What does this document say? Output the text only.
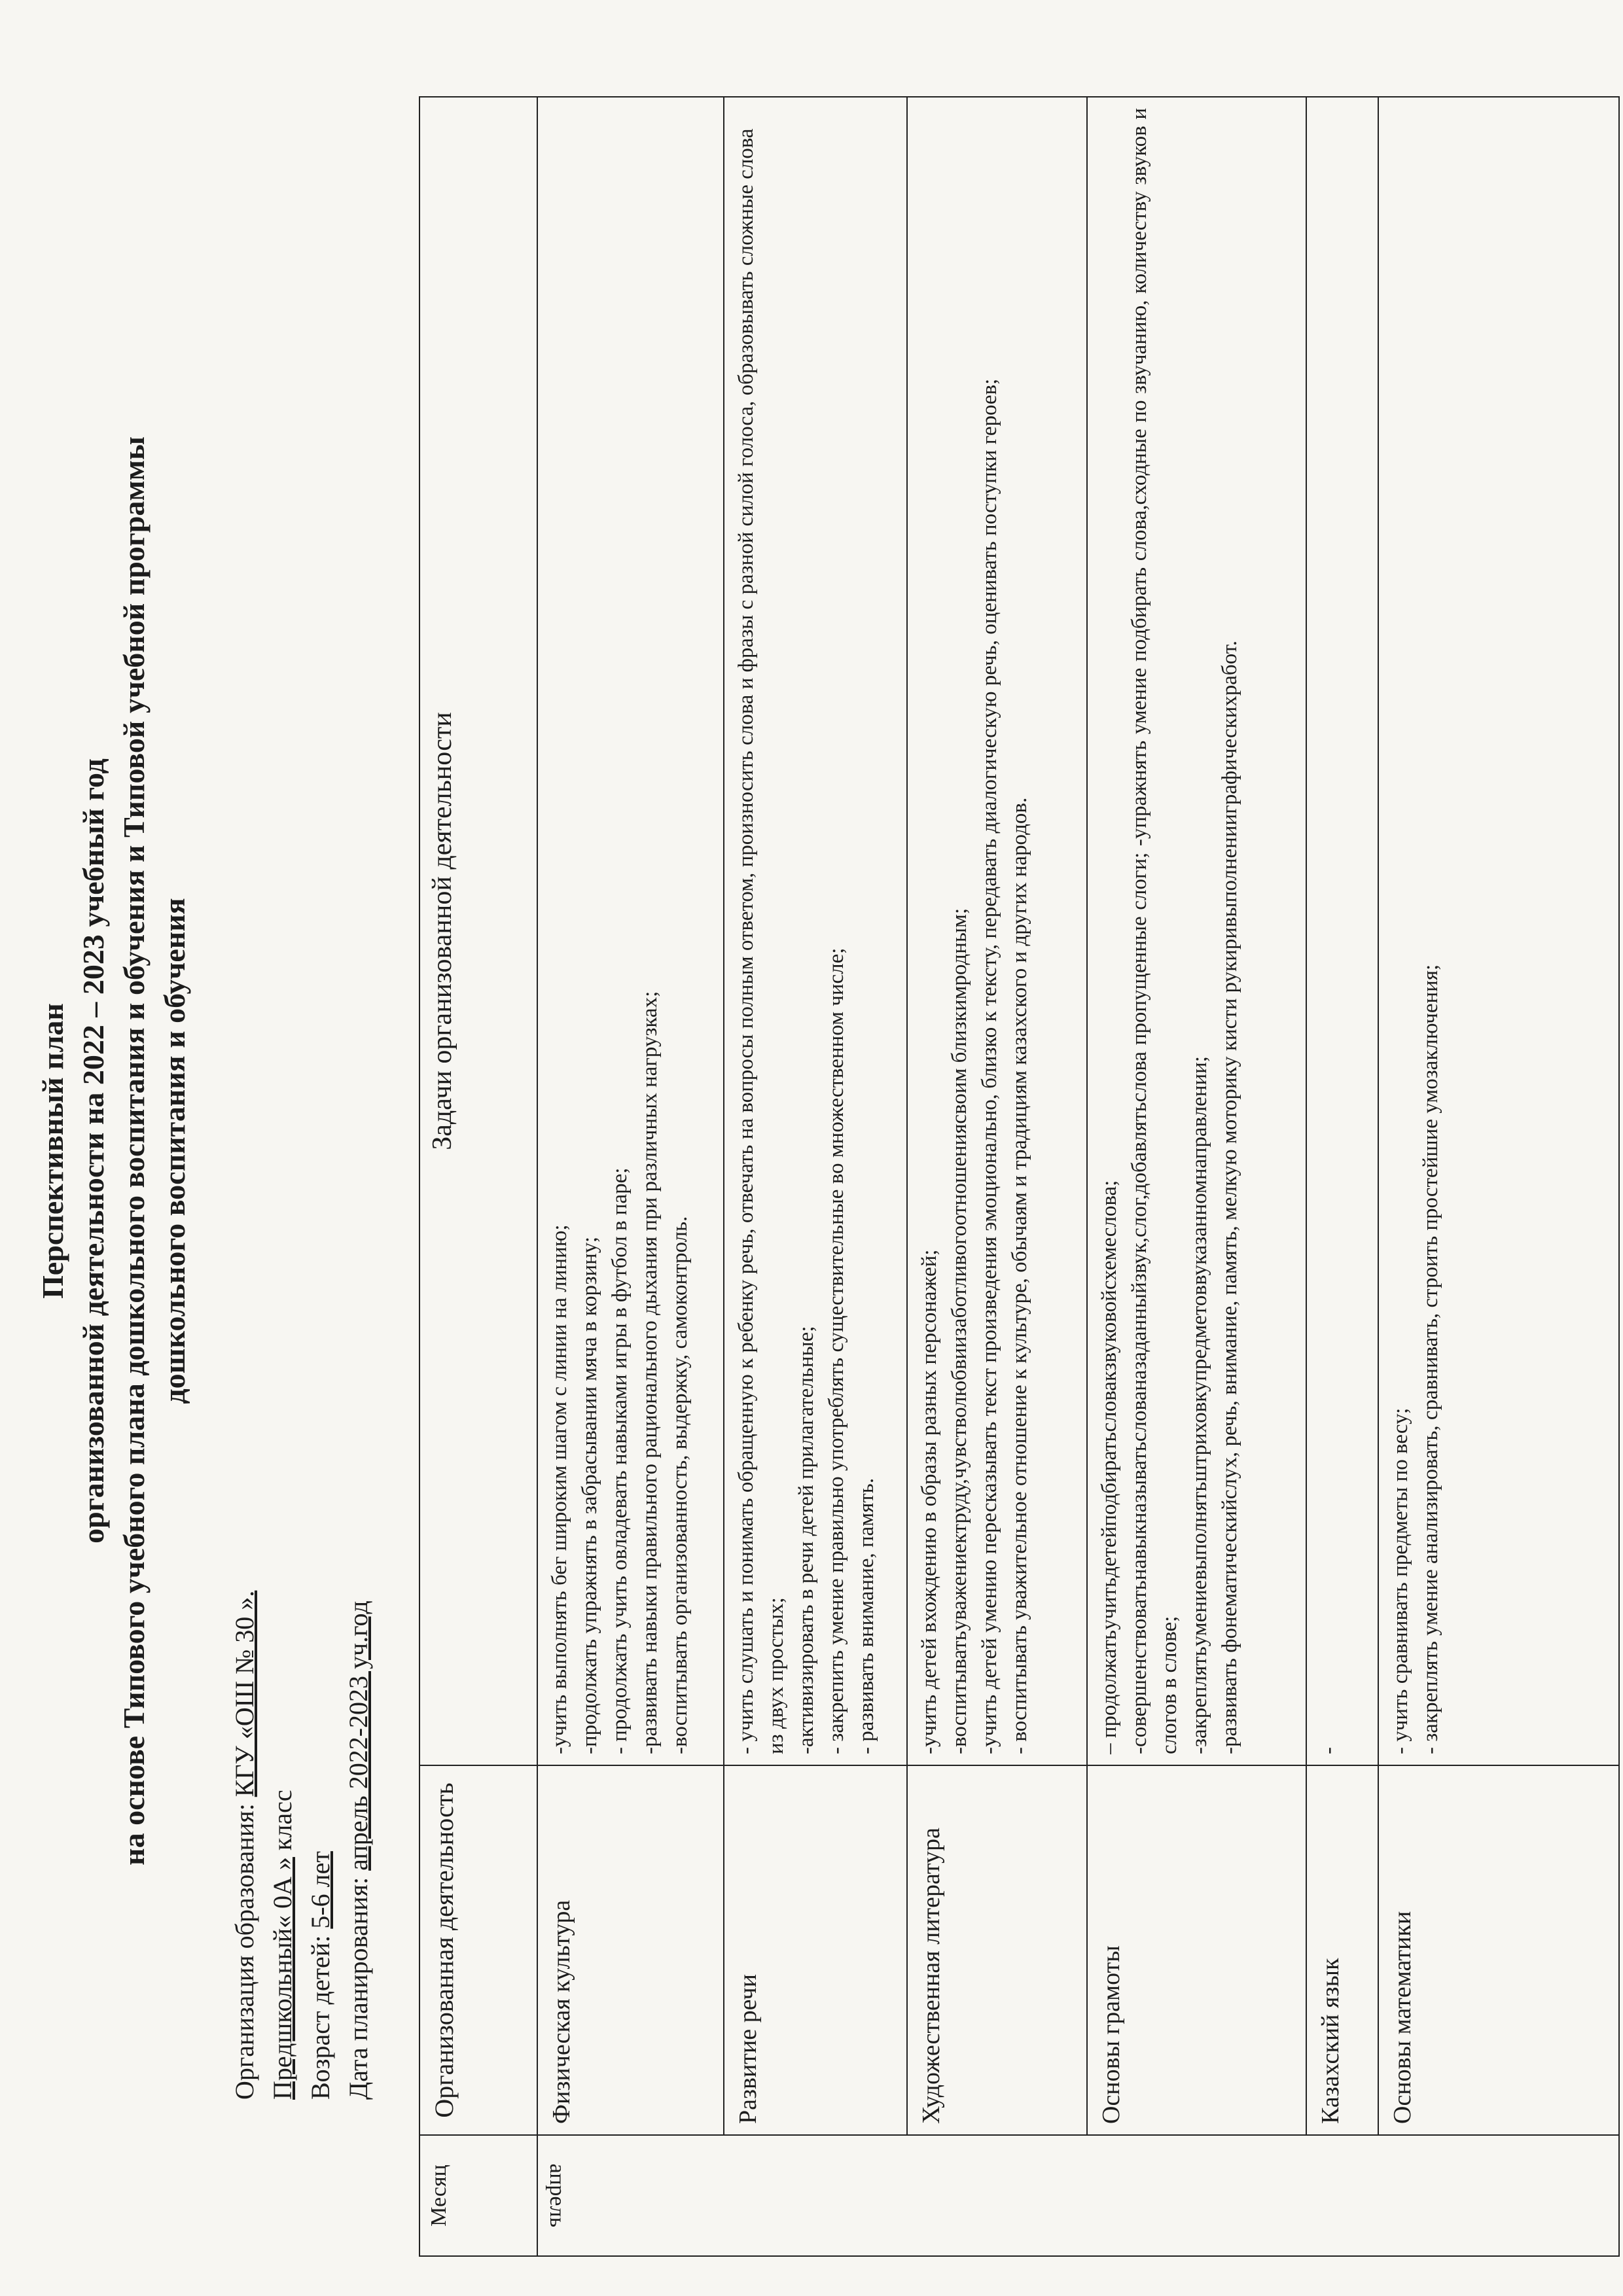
Перспективный план организованной деятельности на 2022 – 2023 учебный год на основе Типового учебного плана дошкольного воспитания и обучения и Типовой учебной программы дошкольного воспитания и обучения
Организация образования: КГУ «ОШ № 30 ».
Предшкольный« 0А » класс
Возраст детей: 5-6 лет Дата планирования: апрель 2022-2023 уч.год
Месяц	Организованная деятельность	Задачи организованной деятельности
апрель	Физическая культура	-учить выполнять бег широким шагом с линии на линию; -продолжать упражнять в забрасывании мяча в корзину; - продолжать учить овладевать навыками игры в футбол в паре; -развивать навыки правильного рационального дыхания при различных нагрузках; -воспитывать организованность, выдержку, самоконтроль.

	Развитие речи	- учить слушать и понимать обращенную к ребенку речь, отвечать на вопросы полным ответом, произносить слова и фразы с разной силой голоса, образовывать сложные слова из двух простых; -активизировать в речи детей прилагательные; - закрепить умение правильно употреблять существительные во множественном числе; - развивать внимание, память.

	Художественная литература	-учить детей вхождению в образы разных персонажей; -воспитыватьуважениектруду,чувстволюбвиизаботливогоотношениясвоим близкимродным; -учить детей умению пересказывать текст произведения эмоционально, близко к тексту, передавать диалогическую речь, оценивать поступки героев; - воспитывать уважительное отношение к культуре, обычаям и традициям казахского и других народов.

	Основы грамоты	– продолжатьучитьдетейподбиратьсловакзвуковойсхемеслова; -совершенствоватьнавыкназыватьслованазаданныйзвук,слог,добавлятьслова пропущенные слоги; -упражнять умение подбирать слова,сходные по звучанию, количеству звуков и слогов в слове; -закреплятьумениевыполнятьштриховкупредметоввуказанномнаправлении; -развивать фонематическийслух, речь, внимание, память, мелкую моторику кисти рукиривыполненииграфическихработ.

	Казахский язык	-

	Основы математики	- учить сравнивать предметы по весу; - закреплять умение анализировать, сравнивать, строить простейшие умозаключения;
